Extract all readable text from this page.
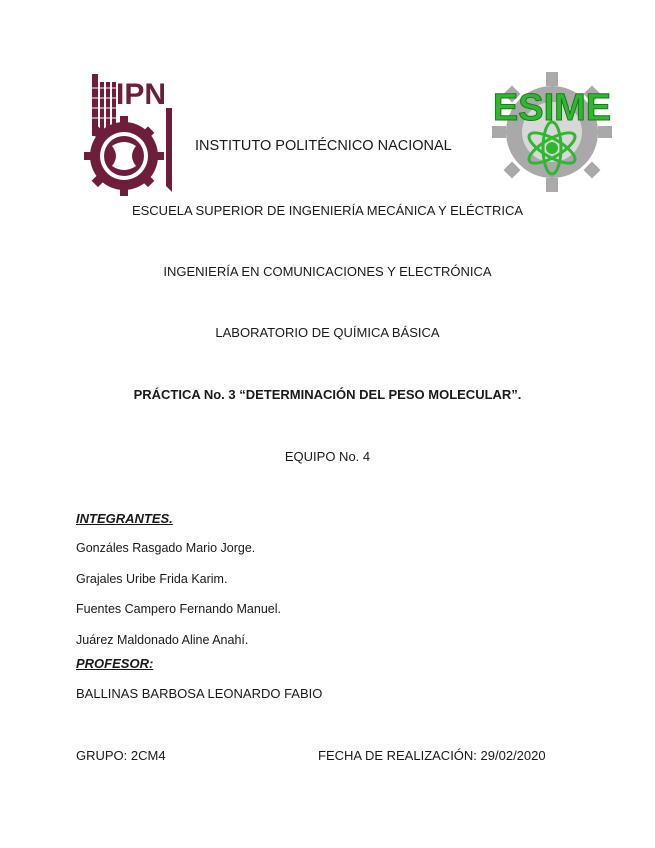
IPN	ESIME
INSTITUTO POLITÉCNICO NACIONAL
ESCUELA SUPERIOR DE INGENIERÍA MECÁNICA Y ELÉCTRICA
INGENIERÍA EN COMUNICACIONES Y ELECTRÓNICA
LABORATORIO DE QUÍMICA BÁSICA
PRÁCTICA No. 3 “DETERMINACIÓN DEL PESO MOLECULAR”.
EQUIPO No. 4
INTEGRANTES.
Gonzáles Rasgado Mario Jorge.
Grajales Uribe Frida Karim.
Fuentes Campero Fernando Manuel.
Juárez Maldonado Aline Anahí.
PROFESOR:
BALLINAS BARBOSA LEONARDO FABIO
GRUPO: 2CM4	FECHA DE REALIZACIÓN: 29/02/2020
